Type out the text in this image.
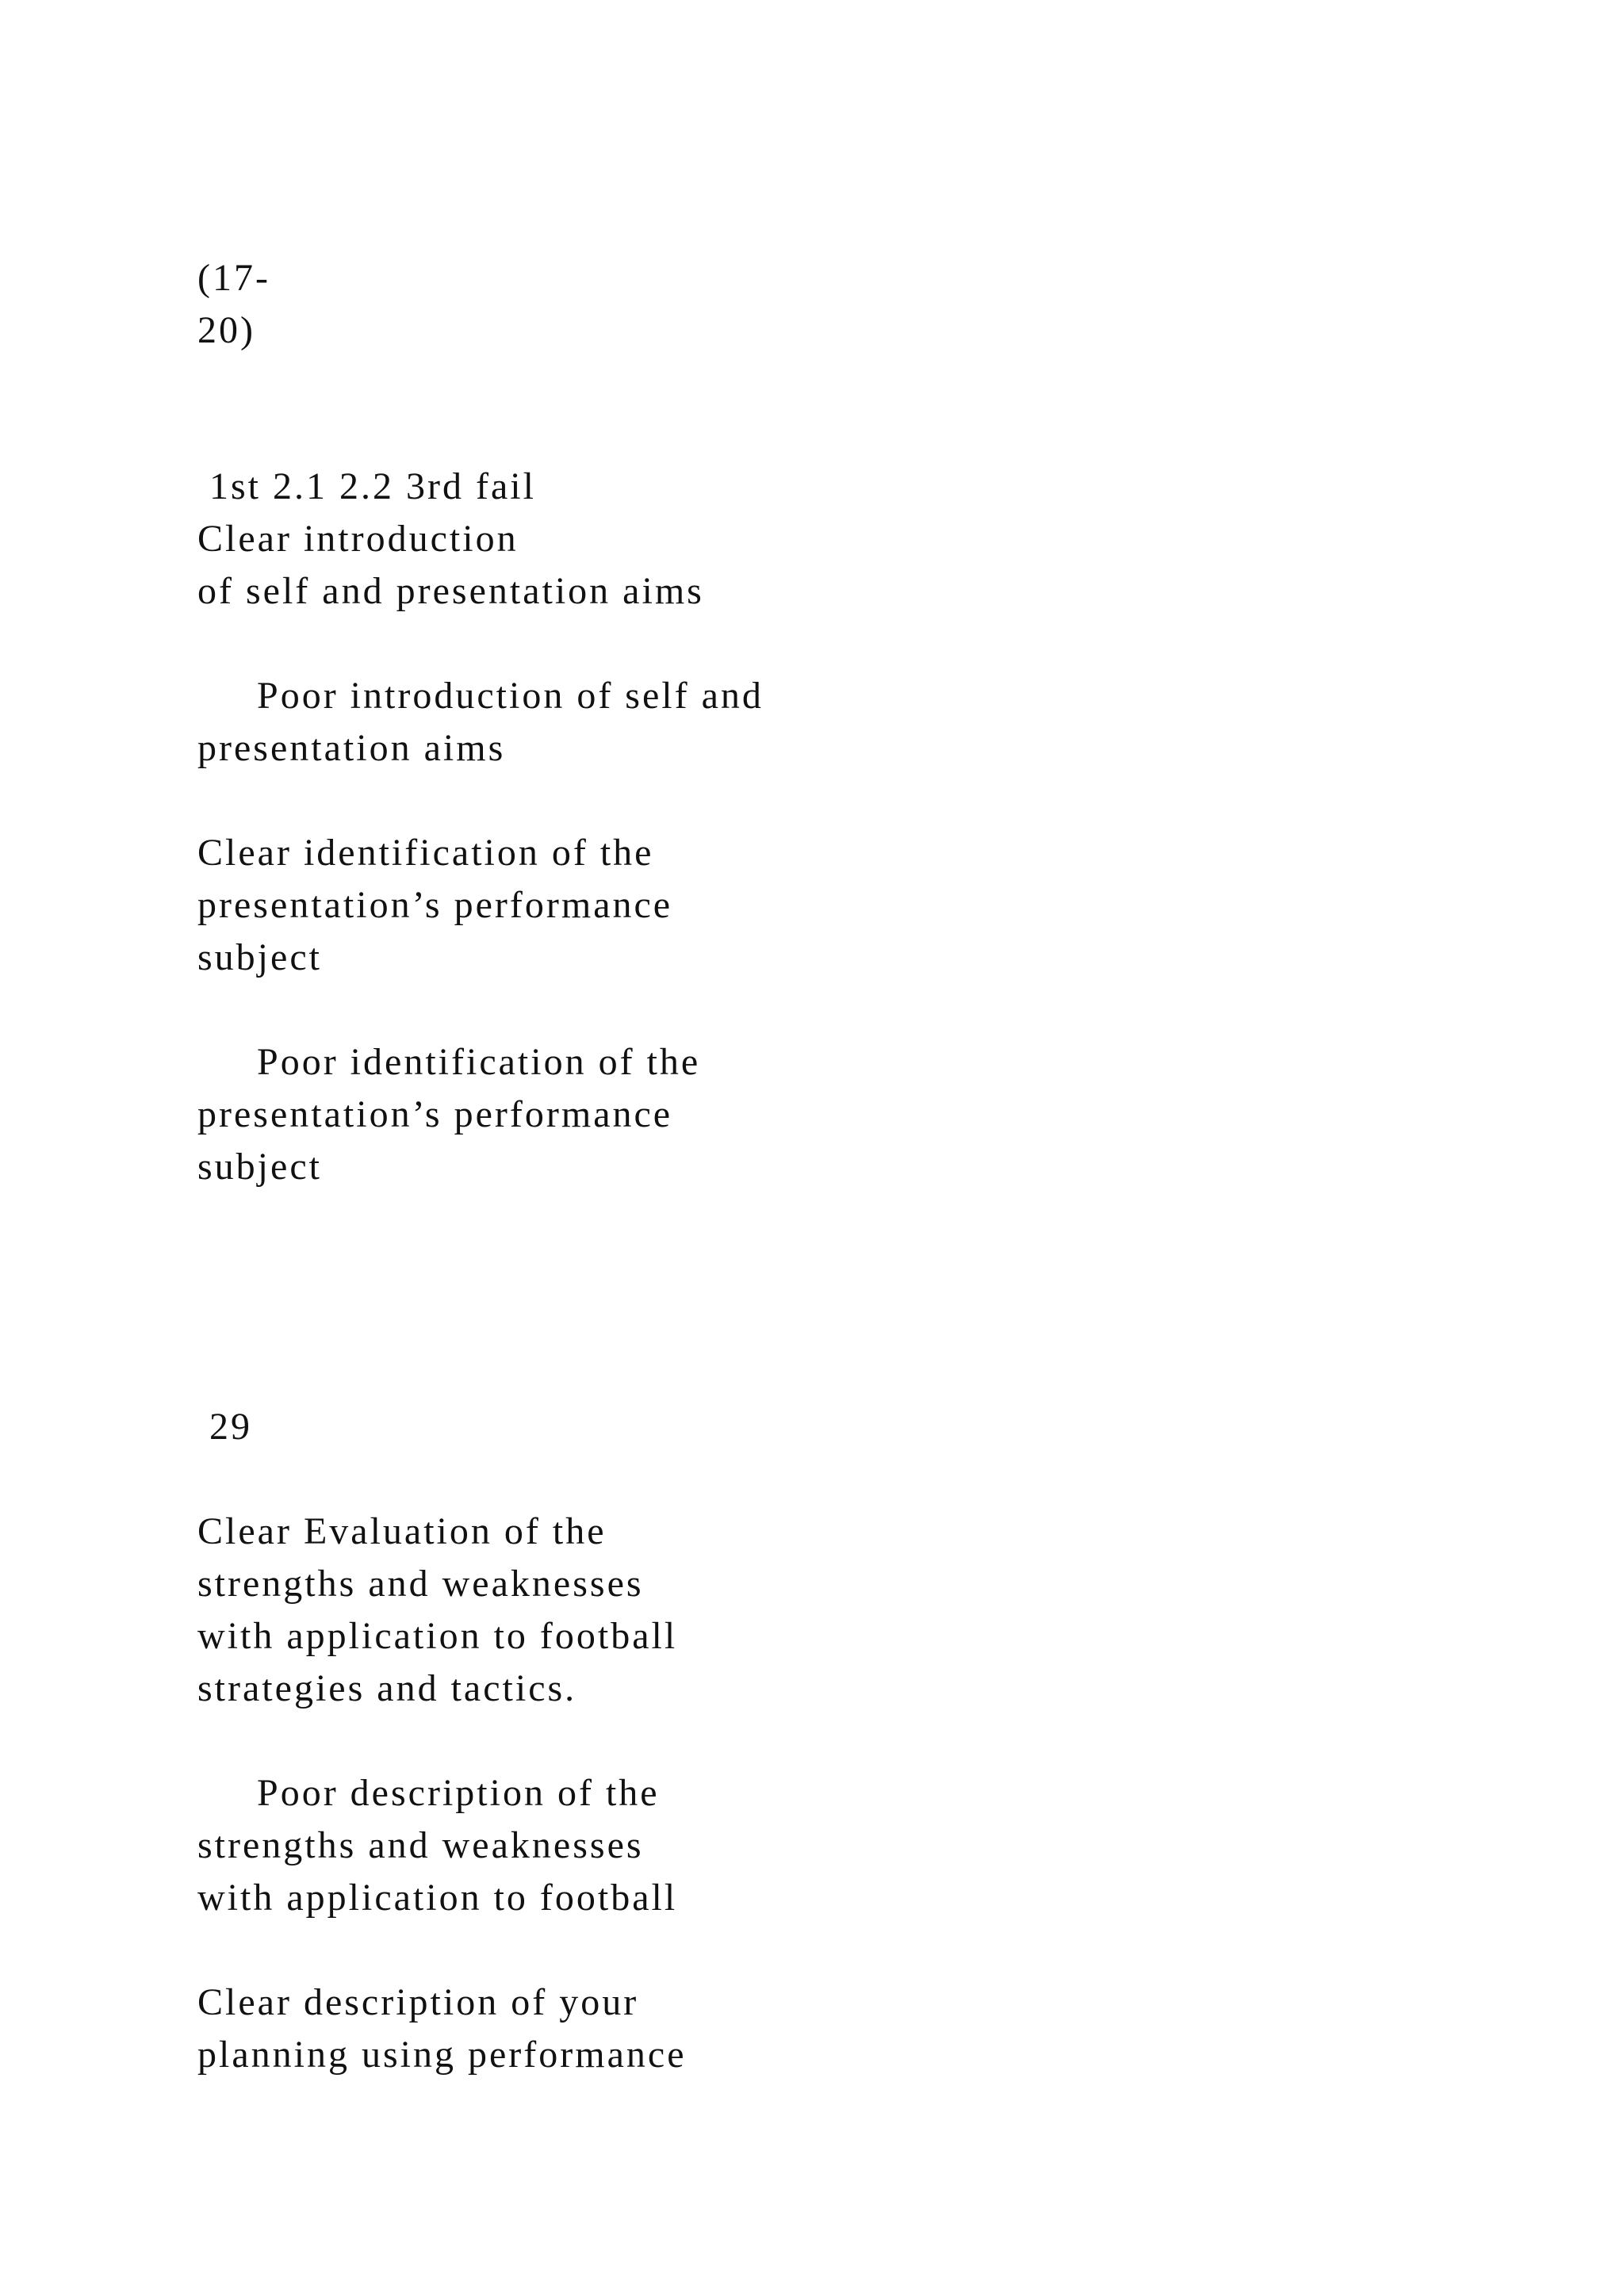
(17-

20)

1st 2.1 2.2 3rd fail

Clear introduction

of self and presentation aims

Poor introduction of self and

presentation aims

Clear identification of the

presentation’s performance

subject

Poor identification of the

presentation’s performance

subject

29

Clear Evaluation of the

strengths and weaknesses

with application to football

strategies and tactics.

Poor description of the

strengths and weaknesses

with application to football

Clear description of your

planning using performance
